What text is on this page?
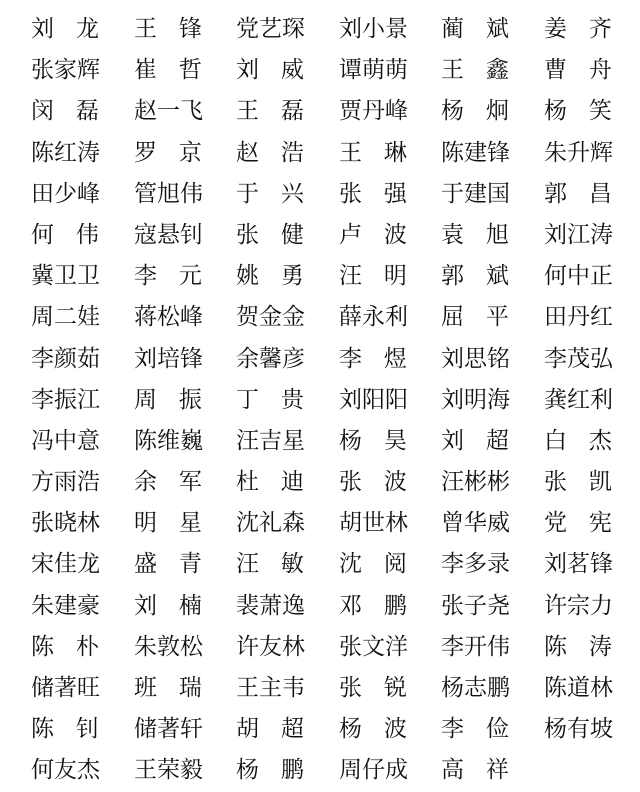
刘龙 王锋 党艺琛 刘小景 蔺斌 姜齐
张家辉 崔哲 刘威 谭萌萌 王鑫 曹舟
闵磊 赵一飞 王磊 贾丹峰 杨炯 杨笑
陈红涛 罗京 赵浩 王琳 陈建锋 朱升辉
田少峰 管旭伟 于兴 张强 于建国 郭昌
何伟 寇悬钊 张健 卢波 袁旭 刘江涛
冀卫卫 李元 姚勇 汪明 郭斌 何中正
周二娃 蒋松峰 贺金金 薛永利 屈平 田丹红
李颜茹 刘培锋 余馨彦 李煜 刘思铭 李茂弘
李振江 周振 丁贵 刘阳阳 刘明海 龚红利
冯中意 陈维巍 汪吉星 杨昊 刘超 白杰
方雨浩 余军 杜迪 张波 汪彬彬 张凯
张晓林 明星 沈礼森 胡世林 曾华威 党宪
宋佳龙 盛青 汪敏 沈阅 李多录 刘茗锋
朱建豪 刘楠 裴萧逸 邓鹏 张子尧 许宗力
陈朴 朱敦松 许友林 张文洋 李开伟 陈涛
储著旺 班瑞 王主韦 张锐 杨志鹏 陈道林
陈钊 储著轩 胡超 杨波 李俭 杨有坡
何友杰 王荣毅 杨鹏 周仔成 高祥
